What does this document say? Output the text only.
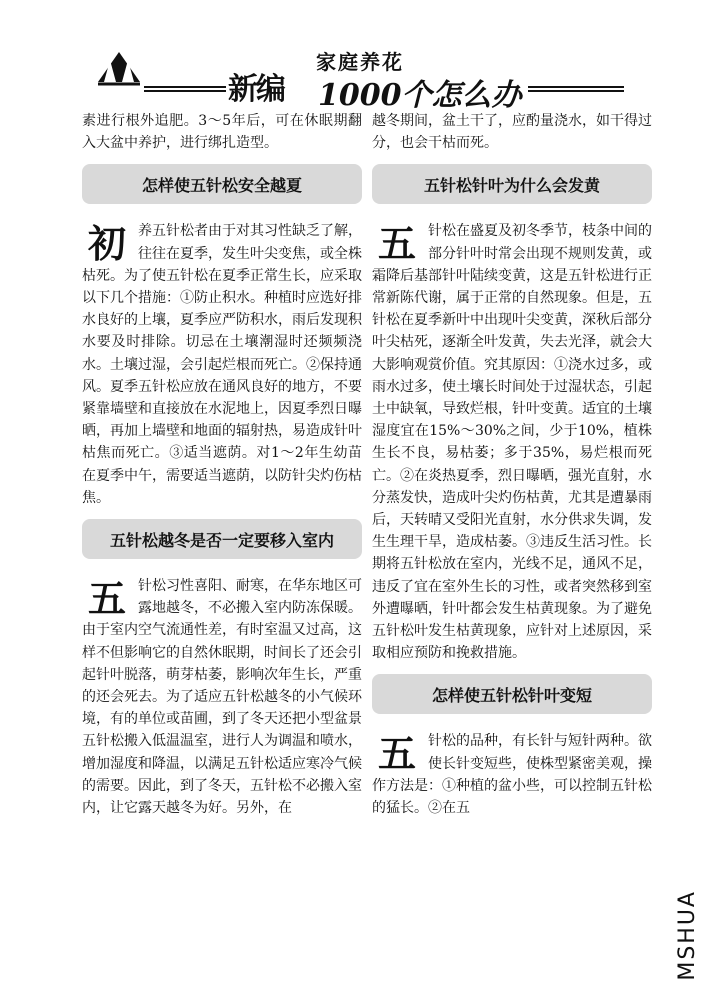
新编
家庭养花
1000个怎么办

素进行根外追肥。3～5年后，可在休眠期翻入大盆中养护，进行绑扎造型。

怎样使五针松安全越夏

初养五针松者由于对其习性缺乏了解，往往在夏季，发生叶尖变焦，或全株枯死。为了使五针松在夏季正常生长，应采取以下几个措施：①防止积水。种植时应选好排水良好的上壤，夏季应严防积水，雨后发现积水要及时排除。切忌在土壤潮湿时还频频浇水。土壤过湿，会引起烂根而死亡。②保持通风。夏季五针松应放在通风良好的地方，不要紧靠墙壁和直接放在水泥地上，因夏季烈日曝晒，再加上墙壁和地面的辐射热，易造成针叶枯焦而死亡。③适当遮荫。对1～2年生幼苗在夏季中午，需要适当遮荫，以防针尖灼伤枯焦。

五针松越冬是否一定要移入室内

五针松习性喜阳、耐寒，在华东地区可露地越冬，不必搬入室内防冻保暖。由于室内空气流通性差，有时室温又过高，这样不但影响它的自然休眠期，时间长了还会引起针叶脱落，萌芽枯萎，影响次年生长，严重的还会死去。为了适应五针松越冬的小气候环境，有的单位或苗圃，到了冬天还把小型盆景五针松搬入低温温室，进行人为调温和喷水，增加湿度和降温，以满足五针松适应寒冷气候的需要。因此，到了冬天，五针松不必搬入室内，让它露天越冬为好。另外，在

越冬期间，盆土干了，应酌量浇水，如干得过分，也会干枯而死。

五针松针叶为什么会发黄

五针松在盛夏及初冬季节，枝条中间的部分针叶时常会出现不规则发黄，或霜降后基部针叶陆续变黄，这是五针松进行正常新陈代谢，属于正常的自然现象。但是，五针松在夏季新叶中出现叶尖变黄，深秋后部分叶尖枯死，逐渐全叶发黄，失去光泽，就会大大影响观赏价值。究其原因：①浇水过多，或雨水过多，使土壤长时间处于过湿状态，引起土中缺氧，导致烂根，针叶变黄。适宜的土壤湿度宜在15%～30%之间，少于10%，植株生长不良，易枯萎；多于35%，易烂根而死亡。②在炎热夏季，烈日曝晒，强光直射，水分蒸发快，造成叶尖灼伤枯黄，尤其是遭暴雨后，天转晴又受阳光直射，水分供求失调，发生生理干旱，造成枯萎。③违反生活习性。长期将五针松放在室内，光线不足，通风不足，违反了宜在室外生长的习性，或者突然移到室外遭曝晒，针叶都会发生枯黄现象。为了避免五针松叶发生枯黄现象，应针对上述原因，采取相应预防和挽救措施。

怎样使五针松针叶变短

五针松的品种，有长针与短针两种。欲使长针变短些，使株型紧密美观，操作方法是：①种植的盆小些，可以控制五针松的猛长。②在五

MSHUA
